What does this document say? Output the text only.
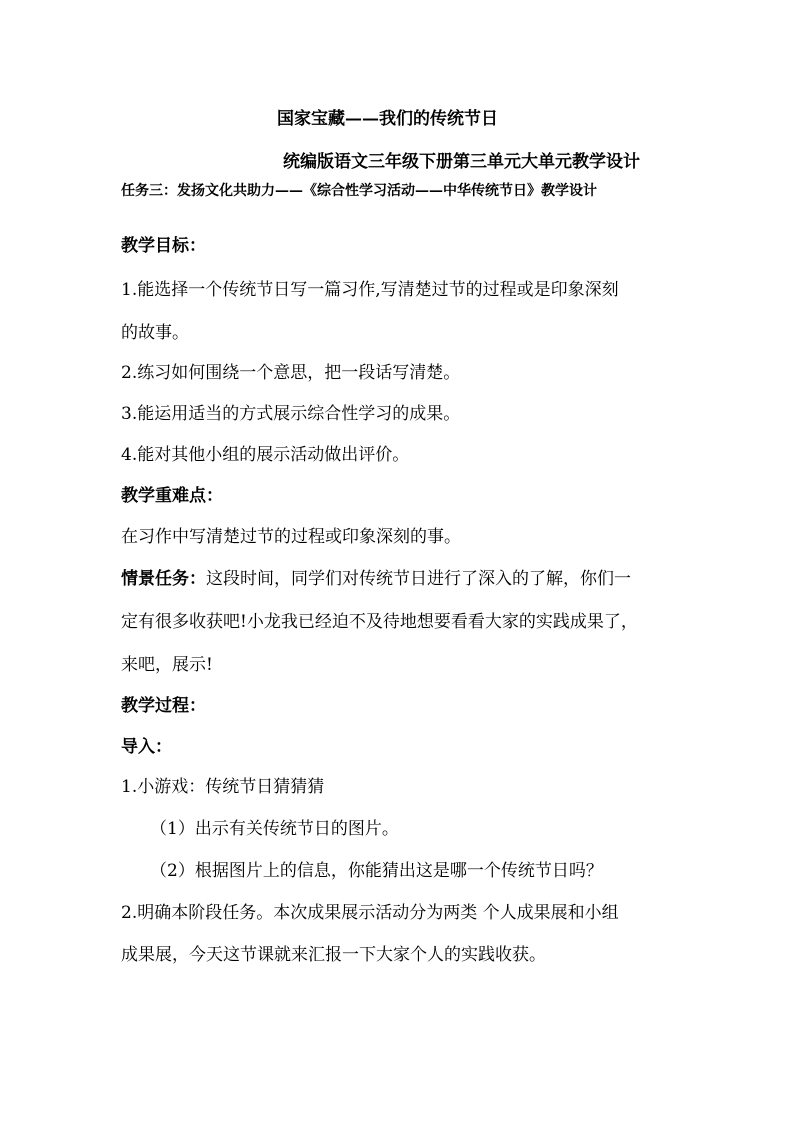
国家宝藏——我们的传统节日
统编版语文三年级下册第三单元大单元教学设计
任务三：发扬文化共助力——《综合性学习活动——中华传统节日》教学设计
教学目标：
1.能选择一个传统节日写一篇习作,写清楚过节的过程或是印象深刻
的故事。
2.练习如何围绕一个意思，把一段话写清楚。
3.能运用适当的方式展示综合性学习的成果。
4.能对其他小组的展示活动做出评价。
教学重难点：
在习作中写清楚过节的过程或印象深刻的事。
情景任务：这段时间，同学们对传统节日进行了深入的了解，你们一
定有很多收获吧!小龙我已经迫不及待地想要看看大家的实践成果了，
来吧，展示!
教学过程：
导入：
1.小游戏：传统节日猜猜猜
（1）出示有关传统节日的图片。
（2）根据图片上的信息，你能猜出这是哪一个传统节日吗？
2.明确本阶段任务。本次成果展示活动分为两类 个人成果展和小组
成果展，今天这节课就来汇报一下大家个人的实践收获。
